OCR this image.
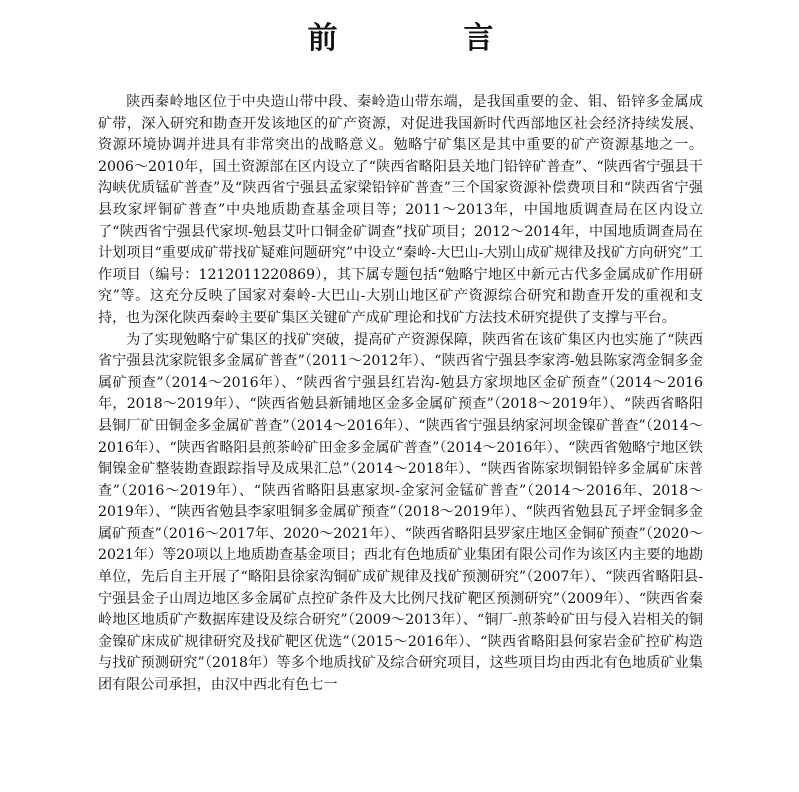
前　言

陕西秦岭地区位于中央造山带中段、秦岭造山带东端，是我国重要的金、钼、铅锌多金属成矿带，深入研究和勘查开发该地区的矿产资源，对促进我国新时代西部地区社会经济持续发展、资源环境协调并进具有非常突出的战略意义。勉略宁矿集区是其中重要的矿产资源基地之一。2006～2010年，国土资源部在区内设立了“陕西省略阳县关地门铅锌矿普查”、“陕西省宁强县干沟峡优质锰矿普查”及“陕西省宁强县孟家梁铅锌矿普查”三个国家资源补偿费项目和“陕西省宁强县玫家坪铜矿普查”中央地质勘查基金项目等；2011～2013年，中国地质调查局在区内设立了“陕西省宁强县代家坝-勉县艾叶口铜金矿调查”找矿项目；2012～2014年，中国地质调查局在计划项目“重要成矿带找矿疑难问题研究”中设立“秦岭-大巴山-大别山成矿规律及找矿方向研究”工作项目（编号：1212011220869），其下属专题包括“勉略宁地区中新元古代多金属成矿作用研究”等。这充分反映了国家对秦岭-大巴山-大别山地区矿产资源综合研究和勘查开发的重视和支持，也为深化陕西秦岭主要矿集区关键矿产成矿理论和找矿方法技术研究提供了支撑与平台。

为了实现勉略宁矿集区的找矿突破，提高矿产资源保障，陕西省在该矿集区内也实施了“陕西省宁强县沈家院银多金属矿普查”（2011～2012年）、“陕西省宁强县李家湾-勉县陈家湾金铜多金属矿预查”（2014～2016年）、“陕西省宁强县红岩沟-勉县方家坝地区金矿预查”（2014～2016年，2018～2019年）、“陕西省勉县新铺地区金多金属矿预查”（2018～2019年）、“陕西省略阳县铜厂矿田铜金多金属矿普查”（2014～2016年）、“陕西省宁强县纳家河坝金镍矿普查”（2014～2016年）、“陕西省略阳县煎茶岭矿田金多金属矿普查”（2014～2016年）、“陕西省勉略宁地区铁铜镍金矿整装勘查跟踪指导及成果汇总”（2014～2018年）、“陕西省陈家坝铜铅锌多金属矿床普查”（2016～2019年）、“陕西省略阳县惠家坝-金家河金锰矿普查”（2014～2016年、2018～2019年）、“陕西省勉县李家咀铜多金属矿预查”（2018～2019年）、“陕西省勉县瓦子坪金铜多金属矿预查”（2016～2017年、2020～2021年）、“陕西省略阳县罗家庄地区金铜矿预查”（2020～2021年）等20项以上地质勘查基金项目；西北有色地质矿业集团有限公司作为该区内主要的地勘单位，先后自主开展了“略阳县徐家沟铜矿成矿规律及找矿预测研究”（2007年）、“陕西省略阳县-宁强县金子山周边地区多金属矿点控矿条件及大比例尺找矿靶区预测研究”（2009年）、“陕西省秦岭地区地质矿产数据库建设及综合研究”（2009～2013年）、“铜厂-煎茶岭矿田与侵入岩相关的铜金镍矿床成矿规律研究及找矿靶区优选”（2015～2016年）、“陕西省略阳县何家岩金矿控矿构造与找矿预测研究”（2018年）等多个地质找矿及综合研究项目，这些项目均由西北有色地质矿业集团有限公司承担，由汉中西北有色七一
